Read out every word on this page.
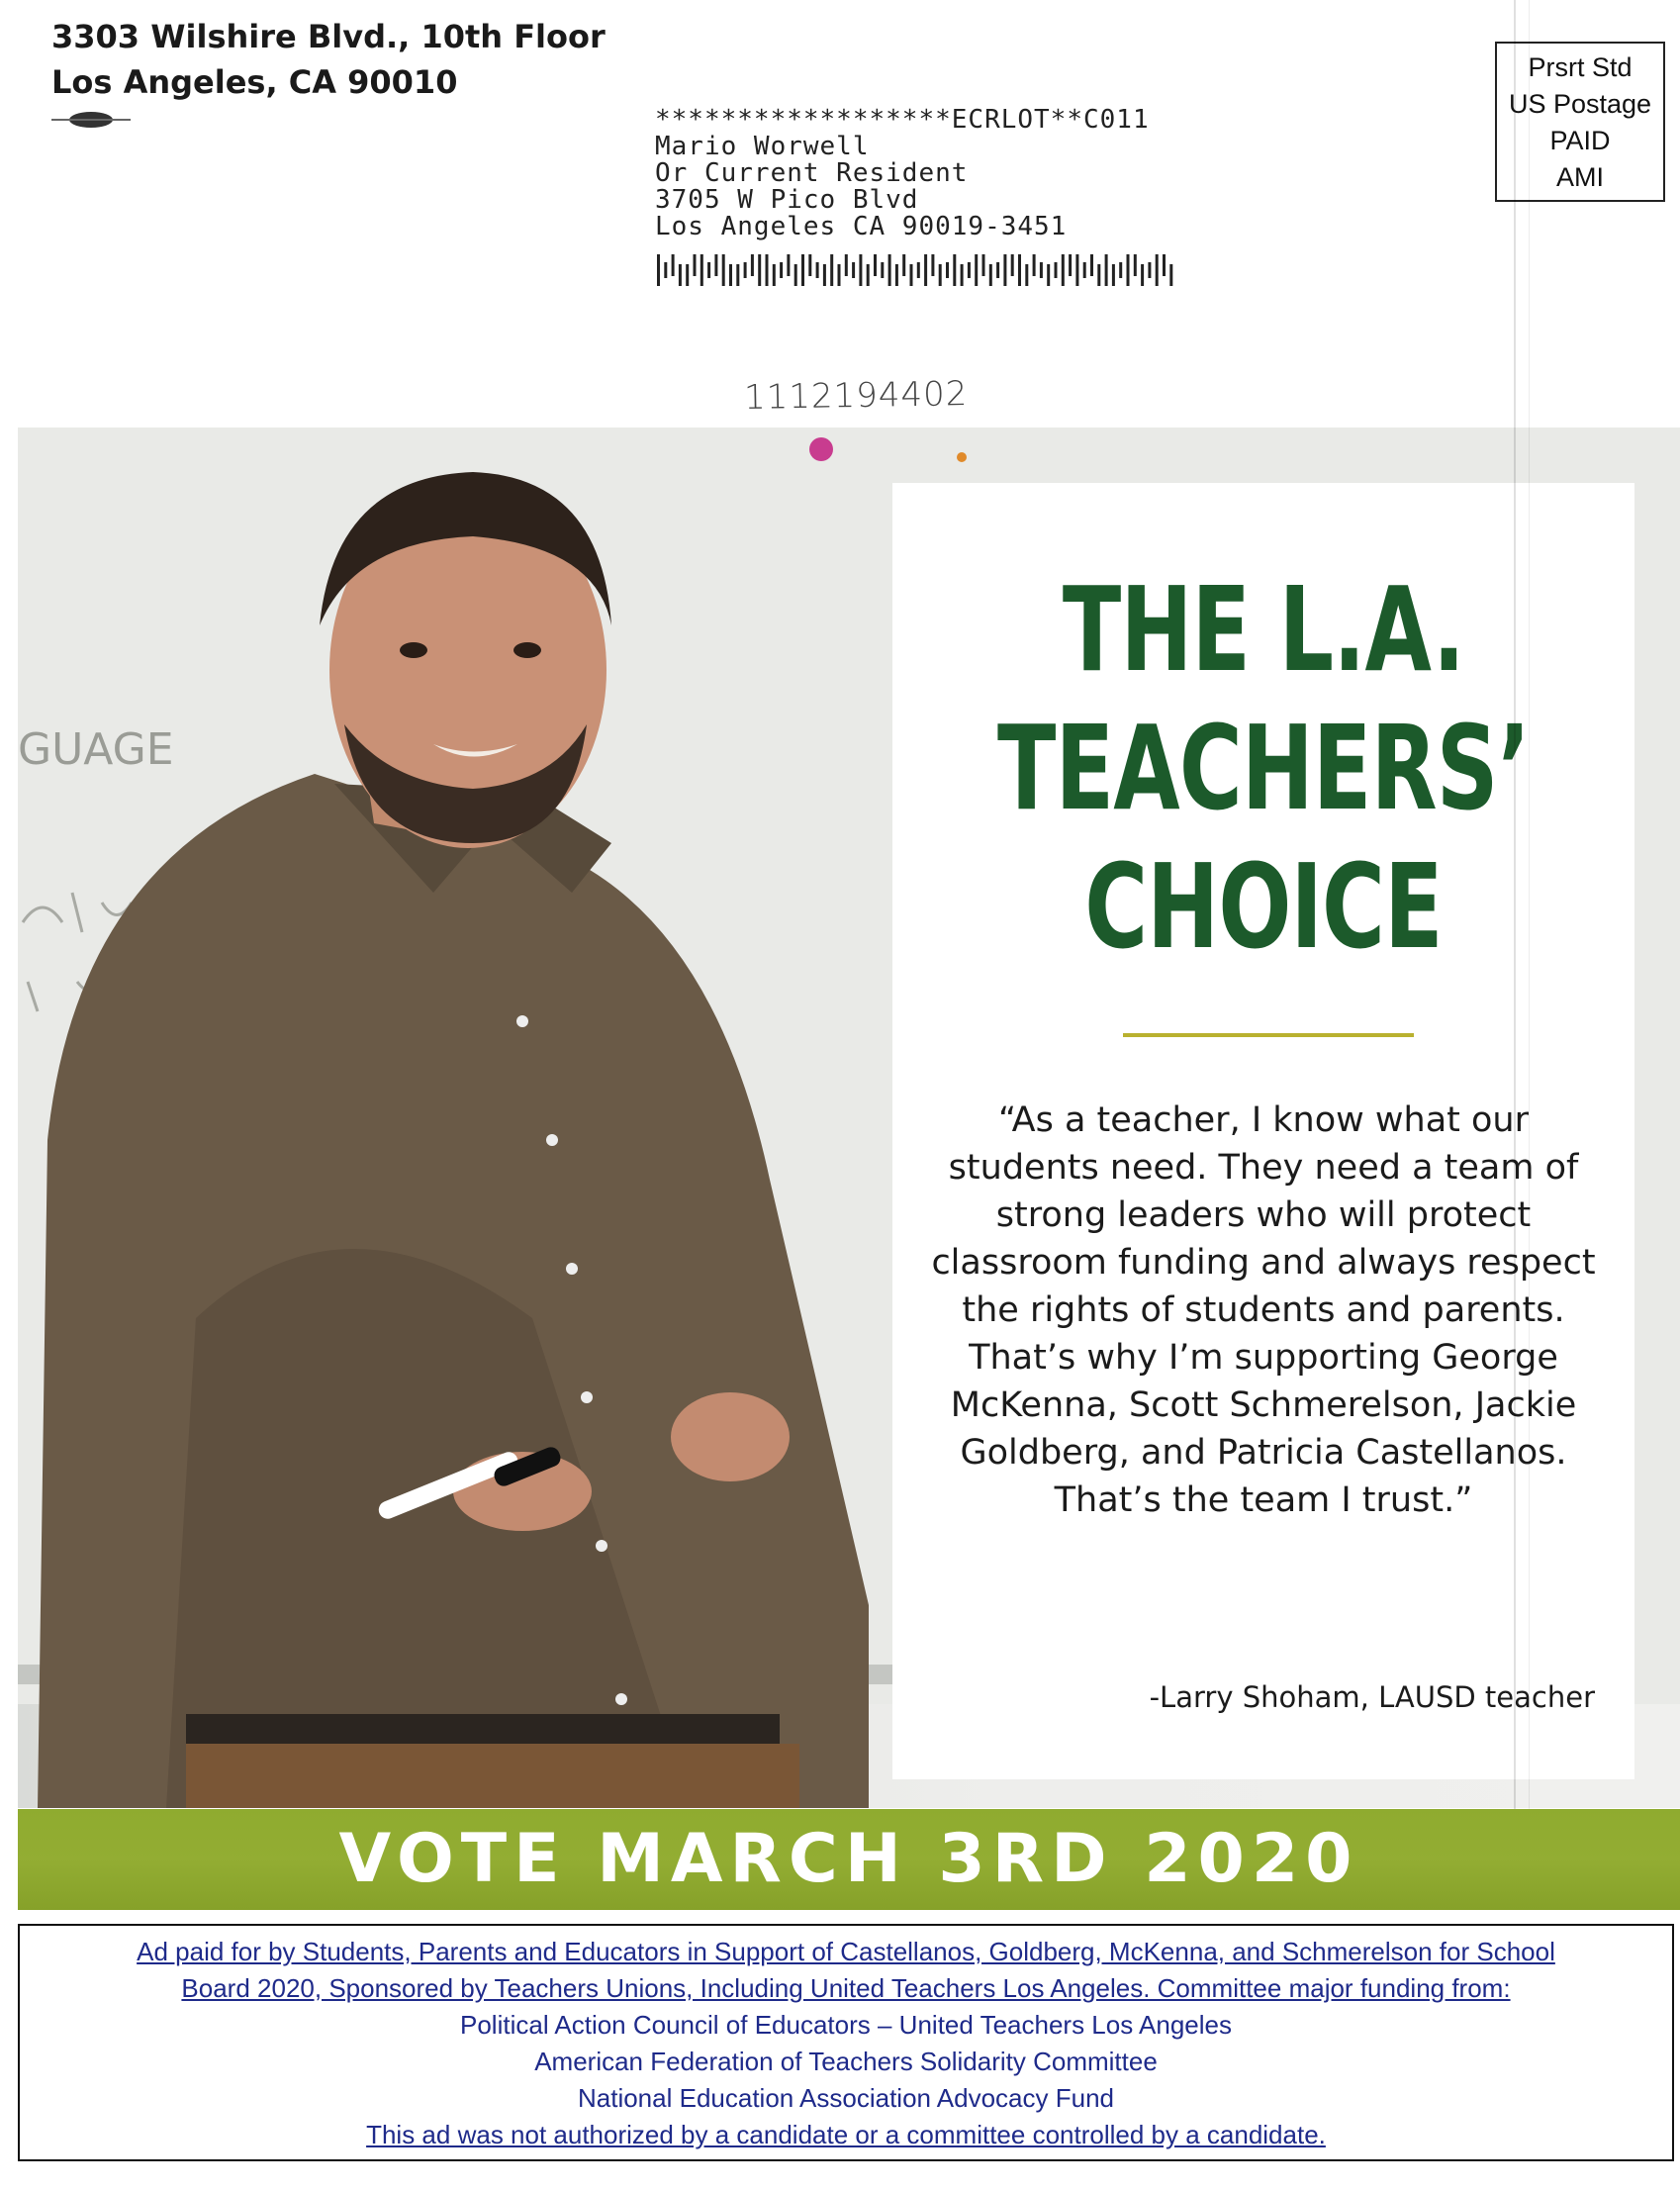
3303 Wilshire Blvd., 10th Floor
Los Angeles, CA 90010
******************ECRLOT**C011
Mario Worwell
Or Current Resident
3705 W Pico Blvd
Los Angeles CA 90019-3451
1112194402
Prsrt Std
US Postage
PAID
AMI
GUAGE
THE L.A.
TEACHERS’
CHOICE
“As a teacher, I know what our students need. They need a team of strong leaders who will protect classroom funding and always respect the rights of students and parents. That’s why I’m supporting George McKenna, Scott Schmerelson, Jackie Goldberg, and Patricia Castellanos. That’s the team I trust.”
-Larry Shoham, LAUSD teacher
VOTE MARCH 3RD 2020
Ad paid for by Students, Parents and Educators in Support of Castellanos, Goldberg, McKenna, and Schmerelson for School
Board 2020, Sponsored by Teachers Unions, Including United Teachers Los Angeles. Committee major funding from:
Political Action Council of Educators – United Teachers Los Angeles
American Federation of Teachers Solidarity Committee
National Education Association Advocacy Fund
This ad was not authorized by a candidate or a committee controlled by a candidate.
